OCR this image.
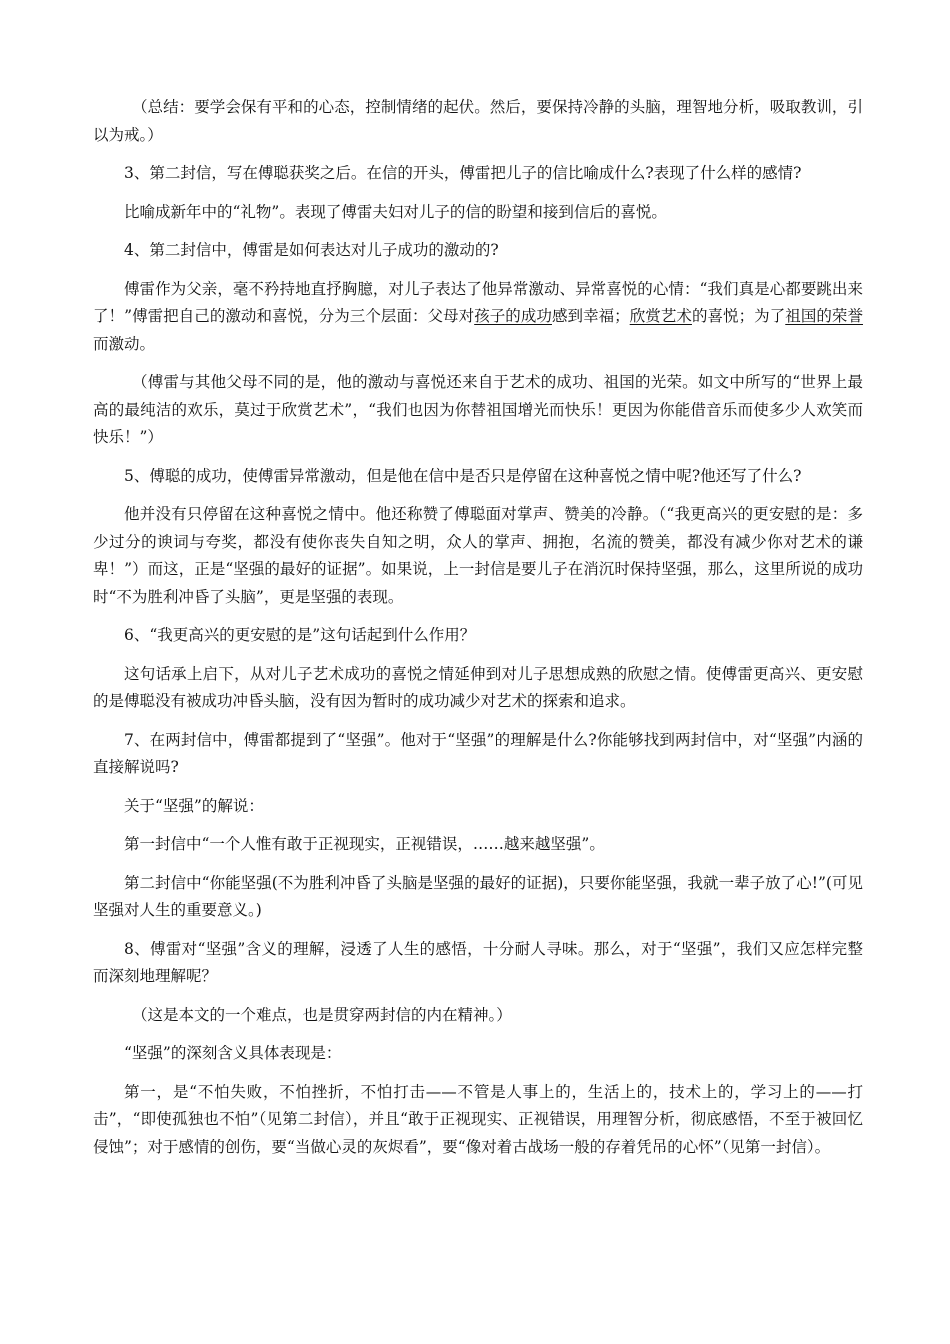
（总结：要学会保有平和的心态，控制情绪的起伏。然后，要保持冷静的头脑，理智地分析，吸取教训，引以为戒。）

3、第二封信，写在傅聪获奖之后。在信的开头，傅雷把儿子的信比喻成什么?表现了什么样的感情?

比喻成新年中的“礼物”。表现了傅雷夫妇对儿子的信的盼望和接到信后的喜悦。

4、第二封信中，傅雷是如何表达对儿子成功的激动的?

傅雷作为父亲，毫不矜持地直抒胸臆，对儿子表达了他异常激动、异常喜悦的心情：“我们真是心都要跳出来了！”傅雷把自己的激动和喜悦，分为三个层面：父母对孩子的成功感到幸福；欣赏艺术的喜悦；为了祖国的荣誉而激动。

（傅雷与其他父母不同的是，他的激动与喜悦还来自于艺术的成功、祖国的光荣。如文中所写的“世界上最高的最纯洁的欢乐，莫过于欣赏艺术”，“我们也因为你替祖国增光而快乐！更因为你能借音乐而使多少人欢笑而快乐！”）

5、傅聪的成功，使傅雷异常激动，但是他在信中是否只是停留在这种喜悦之情中呢?他还写了什么?

他并没有只停留在这种喜悦之情中。他还称赞了傅聪面对掌声、赞美的冷静。（“我更高兴的更安慰的是：多少过分的谀词与夸奖，都没有使你丧失自知之明，众人的掌声、拥抱，名流的赞美，都没有减少你对艺术的谦卑！”）而这，正是“坚强的最好的证据”。如果说，上一封信是要儿子在消沉时保持坚强，那么，这里所说的成功时“不为胜利冲昏了头脑”，更是坚强的表现。

6、“我更高兴的更安慰的是”这句话起到什么作用？

这句话承上启下，从对儿子艺术成功的喜悦之情延伸到对儿子思想成熟的欣慰之情。使傅雷更高兴、更安慰的是傅聪没有被成功冲昏头脑，没有因为暂时的成功减少对艺术的探索和追求。

7、在两封信中，傅雷都提到了“坚强”。他对于“坚强”的理解是什么?你能够找到两封信中，对“坚强”内涵的直接解说吗?

关于“坚强”的解说：

第一封信中“一个人惟有敢于正视现实，正视错误，……越来越坚强”。

第二封信中“你能坚强(不为胜利冲昏了头脑是坚强的最好的证据)，只要你能坚强，我就一辈子放了心!”(可见坚强对人生的重要意义。)

8、傅雷对“坚强”含义的理解，浸透了人生的感悟，十分耐人寻味。那么，对于“坚强”，我们又应怎样完整而深刻地理解呢？

（这是本文的一个难点，也是贯穿两封信的内在精神。）

“坚强”的深刻含义具体表现是：

第一，是“不怕失败，不怕挫折，不怕打击——不管是人事上的，生活上的，技术上的，学习上的——打击”，“即使孤独也不怕”（见第二封信），并且“敢于正视现实、正视错误，用理智分析，彻底感悟，不至于被回忆侵蚀”；对于感情的创伤，要“当做心灵的灰烬看”，要“像对着古战场一般的存着凭吊的心怀”（见第一封信）。
